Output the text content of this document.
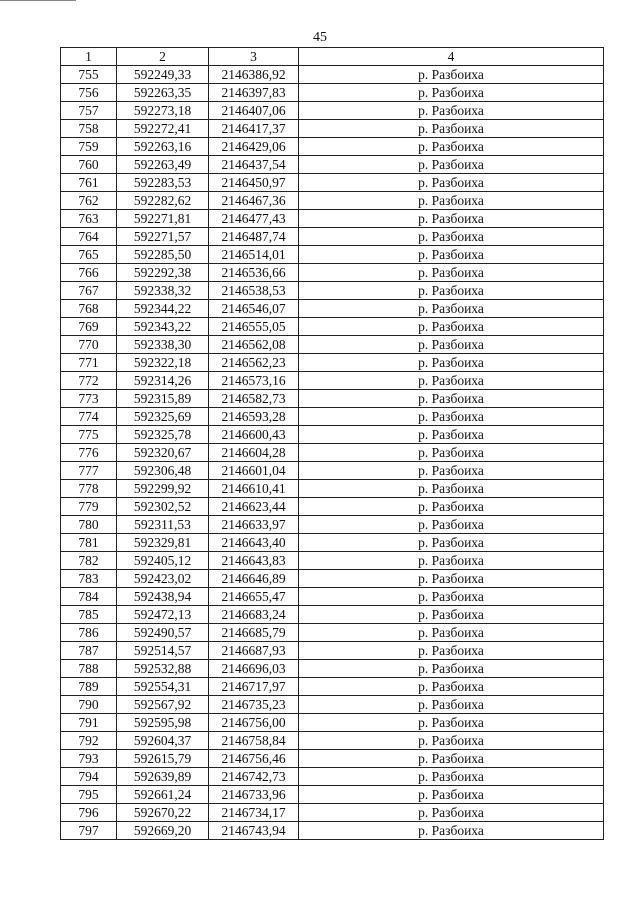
45
1	2	3	4
755	592249,33	2146386,92	р. Разбоиха
756	592263,35	2146397,83	р. Разбоиха
757	592273,18	2146407,06	р. Разбоиха
758	592272,41	2146417,37	р. Разбоиха
759	592263,16	2146429,06	р. Разбоиха
760	592263,49	2146437,54	р. Разбоиха
761	592283,53	2146450,97	р. Разбоиха
762	592282,62	2146467,36	р. Разбоиха
763	592271,81	2146477,43	р. Разбоиха
764	592271,57	2146487,74	р. Разбоиха
765	592285,50	2146514,01	р. Разбоиха
766	592292,38	2146536,66	р. Разбоиха
767	592338,32	2146538,53	р. Разбоиха
768	592344,22	2146546,07	р. Разбоиха
769	592343,22	2146555,05	р. Разбоиха
770	592338,30	2146562,08	р. Разбоиха
771	592322,18	2146562,23	р. Разбоиха
772	592314,26	2146573,16	р. Разбоиха
773	592315,89	2146582,73	р. Разбоиха
774	592325,69	2146593,28	р. Разбоиха
775	592325,78	2146600,43	р. Разбоиха
776	592320,67	2146604,28	р. Разбоиха
777	592306,48	2146601,04	р. Разбоиха
778	592299,92	2146610,41	р. Разбоиха
779	592302,52	2146623,44	р. Разбоиха
780	592311,53	2146633,97	р. Разбоиха
781	592329,81	2146643,40	р. Разбоиха
782	592405,12	2146643,83	р. Разбоиха
783	592423,02	2146646,89	р. Разбоиха
784	592438,94	2146655,47	р. Разбоиха
785	592472,13	2146683,24	р. Разбоиха
786	592490,57	2146685,79	р. Разбоиха
787	592514,57	2146687,93	р. Разбоиха
788	592532,88	2146696,03	р. Разбоиха
789	592554,31	2146717,97	р. Разбоиха
790	592567,92	2146735,23	р. Разбоиха
791	592595,98	2146756,00	р. Разбоиха
792	592604,37	2146758,84	р. Разбоиха
793	592615,79	2146756,46	р. Разбоиха
794	592639,89	2146742,73	р. Разбоиха
795	592661,24	2146733,96	р. Разбоиха
796	592670,22	2146734,17	р. Разбоиха
797	592669,20	2146743,94	р. Разбоиха
